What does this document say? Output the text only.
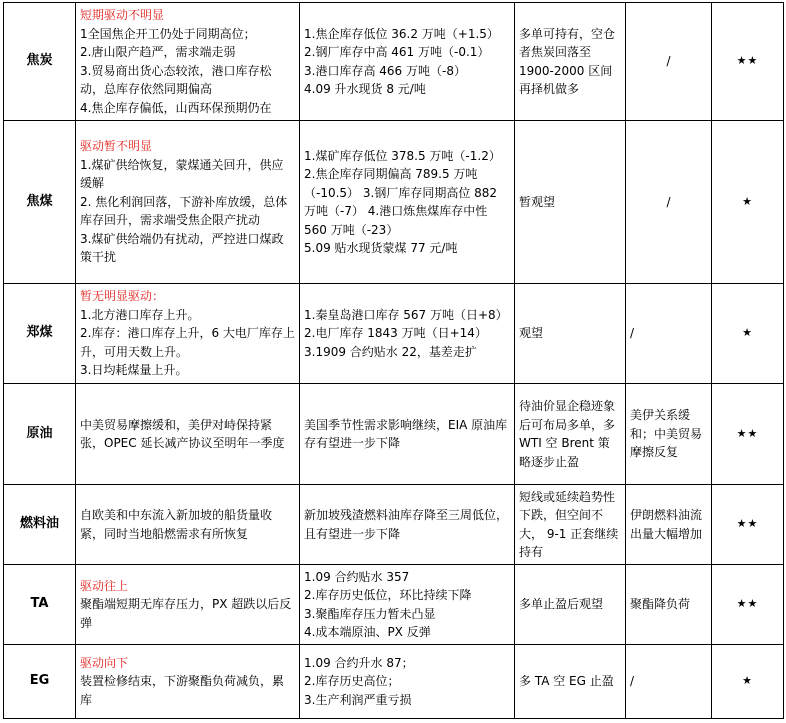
焦炭	短期驱动不明显
1全国焦企开工仍处于同期高位；
2.唐山限产趋严，需求端走弱
3.贸易商出货心态较浓，港口库存松动，总库存依然同期偏高
4.焦企库存偏低，山西环保预期仍在	1.焦企库存低位 36.2 万吨（+1.5）
2.钢厂库存中高 461 万吨（-0.1）
3.港口库存高 466 万吨（-8）
4.09 升水现货 8 元/吨	多单可持有，空仓者焦炭回落至 1900-2000 区间再择机做多	/	★★
焦煤	驱动暂不明显
1.煤矿供给恢复，蒙煤通关回升，供应缓解
2. 焦化利润回落，下游补库放缓，总体库存回升，需求端受焦企限产扰动
3.煤矿供给端仍有扰动，严控进口煤政策干扰	1.煤矿库存低位 378.5 万吨（-1.2）
2.焦企库存同期偏高 789.5 万吨（-10.5） 3.钢厂库存同期高位 882 万吨（-7） 4.港口炼焦煤库存中性 560 万吨（-23）
5.09 贴水现货蒙煤 77 元/吨	暂观望	/	★
郑煤	暂无明显驱动：
1.北方港口库存上升。
2.库存：港口库存上升，6 大电厂库存上升，可用天数上升。
3.日均耗煤量上升。	1.秦皇岛港口库存 567 万吨（日+8）
2.电厂库存 1843 万吨（日+14）
3.1909 合约贴水 22，基差走扩	观望	/	★
原油	中美贸易摩擦缓和，美伊对峙保持紧张，OPEC 延长减产协议至明年一季度	美国季节性需求影响继续，EIA 原油库存有望进一步下降	待油价显企稳迹象后可布局多单，多 WTI 空 Brent 策略逐步止盈	美伊关系缓和；中美贸易摩擦反复	★★
燃料油	自欧美和中东流入新加坡的船货量收紧，同时当地船燃需求有所恢复	新加坡残渣燃料油库存降至三周低位，且有望进一步下降	短线或延续趋势性下跌，但空间不大， 9-1 正套继续持有	伊朗燃料油流出量大幅增加	★★
TA	驱动往上
聚酯端短期无库存压力，PX 超跌以后反弹	1.09 合约贴水 357
2.库存历史低位，环比持续下降
3.聚酯库存压力暂未凸显
4.成本端原油、PX 反弹	多单止盈后观望	聚酯降负荷	★★
EG	驱动向下
装置检修结束，下游聚酯负荷减负，累库	1.09 合约升水 87；
2.库存历史高位；
3.生产利润严重亏损	多 TA 空 EG 止盈	/	★
